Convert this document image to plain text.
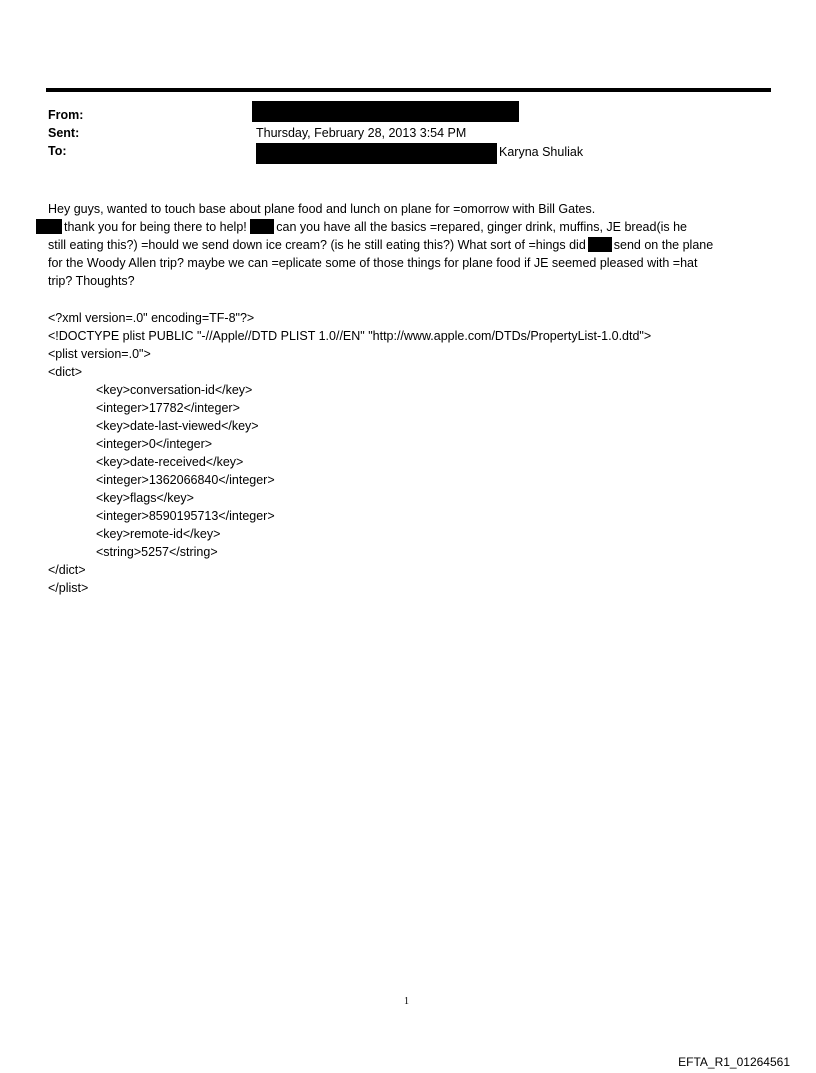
From:
Sent:	Thursday, February 28, 2013 3:54 PM
To:	Karyna Shuliak

Hey guys, wanted to touch base about plane food and lunch on plane for =omorrow with Bill Gates.

thank you for being there to help! can you have all the basics =repared, ginger drink, muffins, JE bread(is he

still eating this?) =hould we send down ice cream? (is he still eating this?) What sort of =hings did send on the plane

for the Woody Allen trip? maybe we can =eplicate some of those things for plane food if JE seemed pleased with =hat

trip? Thoughts?

<?xml version=.0" encoding=TF-8"?>
<!DOCTYPE plist PUBLIC "-//Apple//DTD PLIST 1.0//EN" "http://www.apple.com/DTDs/PropertyList-1.0.dtd">
<plist version=.0">
<dict>
<key>conversation-id</key>
<integer>17782</integer>
<key>date-last-viewed</key>
<integer>0</integer>
<key>date-received</key>
<integer>1362066840</integer>
<key>flags</key>
<integer>8590195713</integer>
<key>remote-id</key>
<string>5257</string>
</dict>
</plist>
1
EFTA_R1_01264561
